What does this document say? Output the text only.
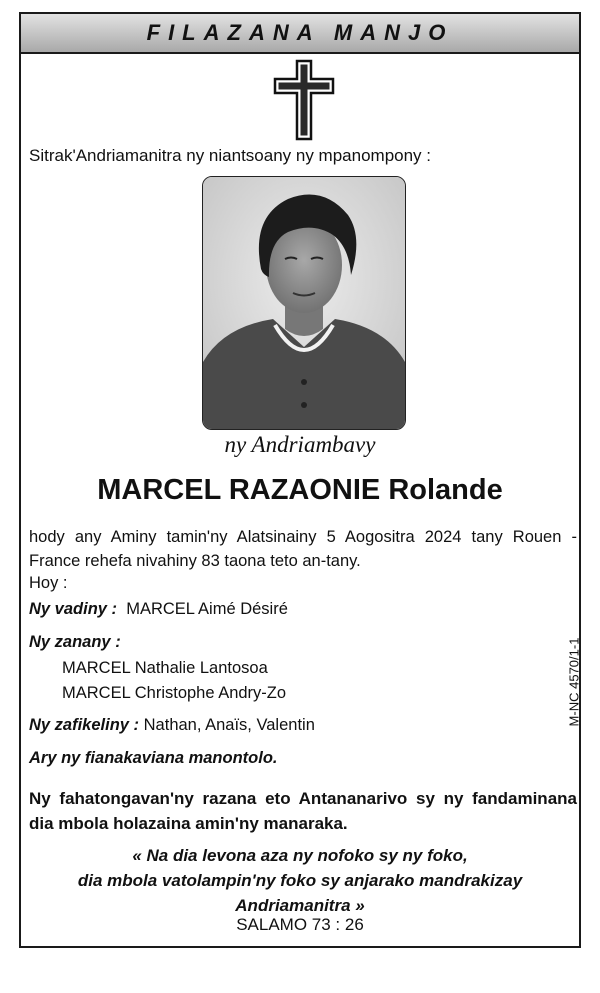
FILAZANA MANJO
Sitrak'Andriamanitra ny niantsoany ny mpanompony :
ny Andriambavy
MARCEL RAZAONIE Rolande
hody any Aminy tamin'ny Alatsinainy 5 Aogositra 2024 tany Rouen - France rehefa nivahiny 83 taona teto an-tany.
Hoy :
Ny vadiny : MARCEL Aimé Désiré
Ny zanany :
MARCEL Nathalie Lantosoa
MARCEL Christophe Andry-Zo
Ny zafikeliny : Nathan, Anaïs, Valentin
Ary ny fianakaviana manontolo.
Ny fahatongavan'ny razana eto Antananarivo sy ny fandaminana dia mbola holazaina amin'ny manaraka.
« Na dia levona aza ny nofoko sy ny foko,
dia mbola vatolampin'ny foko sy anjarako mandrakizay
Andriamanitra »
SALAMO 73 : 26
M-NC 4570/1-1
